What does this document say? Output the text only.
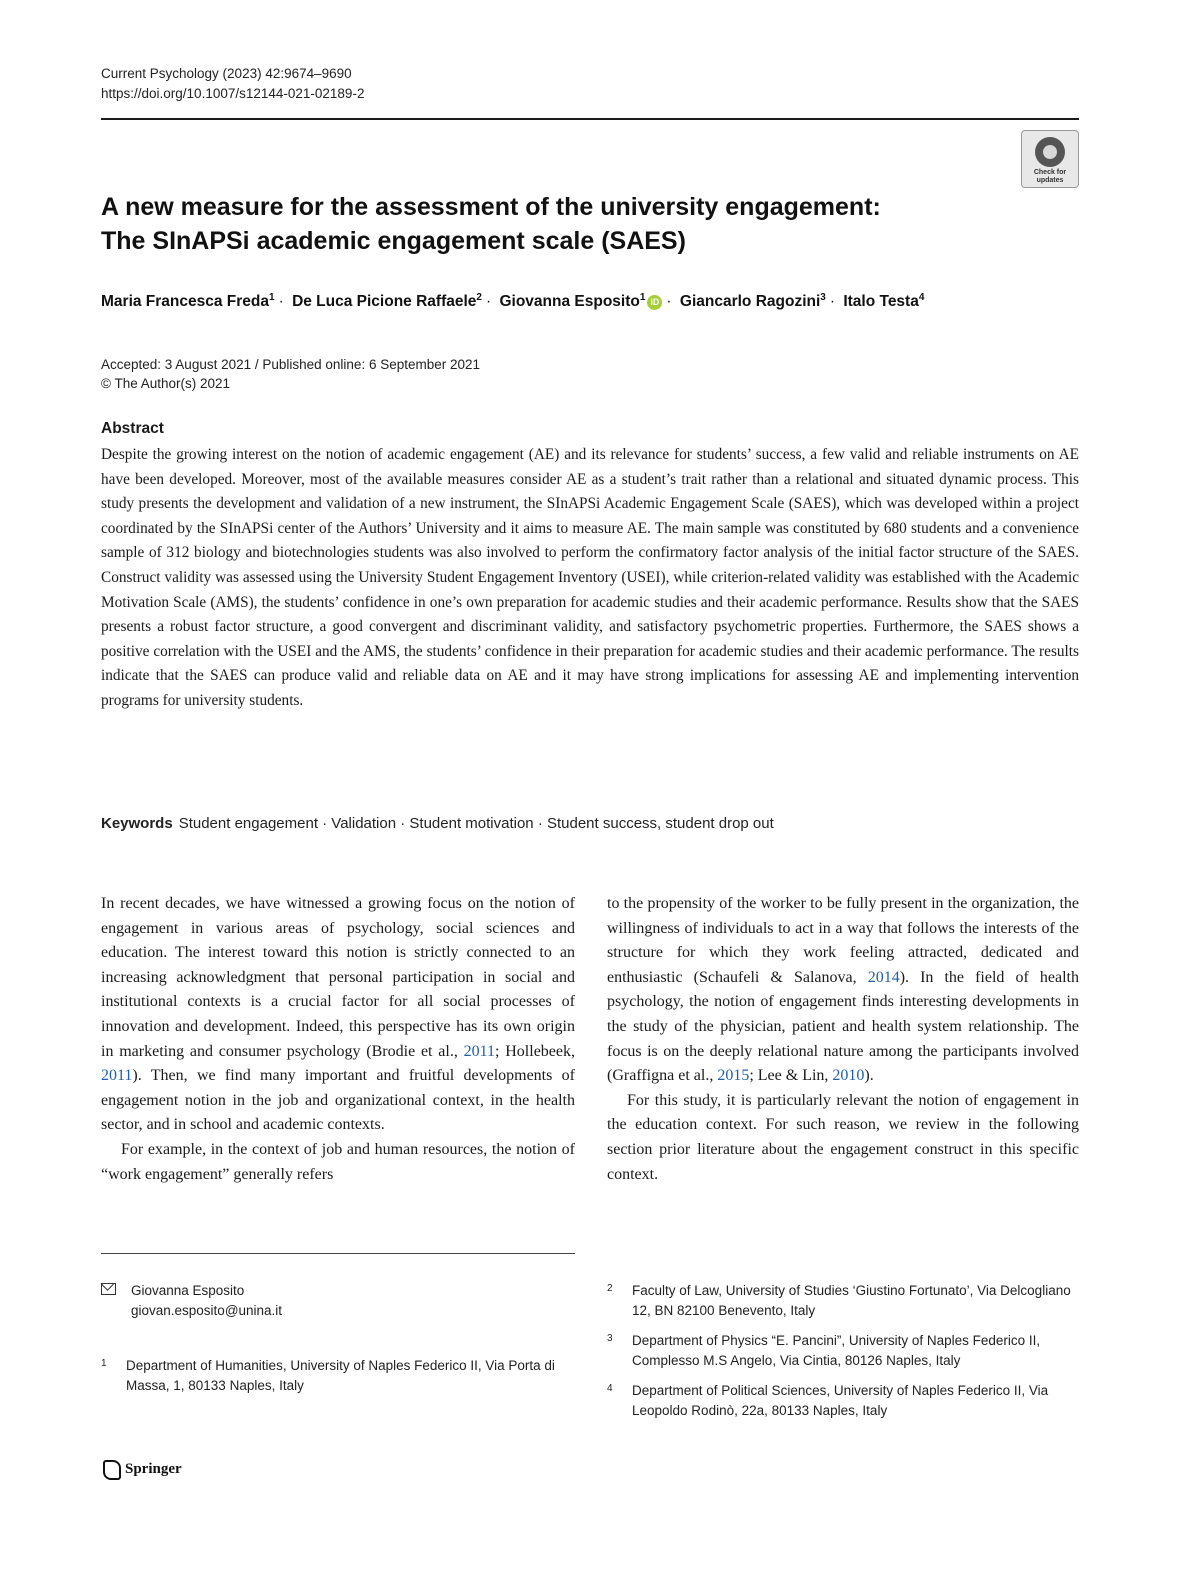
Current Psychology (2023) 42:9674–9690
https://doi.org/10.1007/s12144-021-02189-2
Check for updates
A new measure for the assessment of the university engagement:
The SInAPSi academic engagement scale (SAES)
Maria Francesca Freda$^1$ · De Luca Picione Raffaele$^2$ · Giovanna Esposito$^1$ iD · Giancarlo Ragozini$^3$ · Italo Testa$^4$
Accepted: 3 August 2021 / Published online: 6 September 2021
© The Author(s) 2021
Abstract
Despite the growing interest on the notion of academic engagement (AE) and its relevance for students’ success, a few valid and reliable instruments on AE have been developed. Moreover, most of the available measures consider AE as a student’s trait rather than a relational and situated dynamic process. This study presents the development and validation of a new instrument, the SInAPSi Academic Engagement Scale (SAES), which was developed within a project coordinated by the SInAPSi center of the Authors’ University and it aims to measure AE. The main sample was constituted by 680 students and a convenience sample of 312 biology and biotechnologies students was also involved to perform the confirmatory factor analysis of the initial factor structure of the SAES. Construct validity was assessed using the University Student Engagement Inventory (USEI), while criterion-related validity was established with the Academic Motivation Scale (AMS), the students’ confidence in one’s own preparation for academic studies and their academic performance. Results show that the SAES presents a robust factor structure, a good convergent and discriminant validity, and satisfactory psychometric properties. Furthermore, the SAES shows a positive correlation with the USEI and the AMS, the students’ confidence in their preparation for academic studies and their academic performance. The results indicate that the SAES can produce valid and reliable data on AE and it may have strong implications for assessing AE and implementing intervention programs for university students.
Keywords Student engagement · Validation · Student motivation · Student success, student drop out

In recent decades, we have witnessed a growing focus on the notion of engagement in various areas of psychology, social sciences and education. The interest toward this notion is strictly connected to an increasing acknowledgment that personal participation in social and institutional contexts is a crucial factor for all social processes of innovation and development. Indeed, this perspective has its own origin in marketing and consumer psychology (Brodie et al., 2011; Hollebeek, 2011). Then, we find many important and fruitful developments of engagement notion in the job and organizational context, in the health sector, and in school and academic contexts.

For example, in the context of job and human resources, the notion of “work engagement” generally refers

to the propensity of the worker to be fully present in the organization, the willingness of individuals to act in a way that follows the interests of the structure for which they work feeling attracted, dedicated and enthusiastic (Schaufeli & Salanova, 2014). In the field of health psychology, the notion of engagement finds interesting developments in the study of the physician, patient and health system relationship. The focus is on the deeply relational nature among the participants involved (Graffigna et al., 2015; Lee & Lin, 2010).

For this study, it is particularly relevant the notion of engagement in the education context. For such reason, we review in the following section prior literature about the engagement construct in this specific context.

Giovanna Esposito
giovan.esposito@unina.it
1 Department of Humanities, University of Naples Federico II, Via Porta di Massa, 1, 80133 Naples, Italy
2 Faculty of Law, University of Studies ‘Giustino Fortunato’, Via Delcogliano 12, BN 82100 Benevento, Italy
3 Department of Physics “E. Pancini”, University of Naples Federico II, Complesso M.S Angelo, Via Cintia, 80126 Naples, Italy
4 Department of Political Sciences, University of Naples Federico II, Via Leopoldo Rodinò, 22a, 80133 Naples, Italy
Springer
